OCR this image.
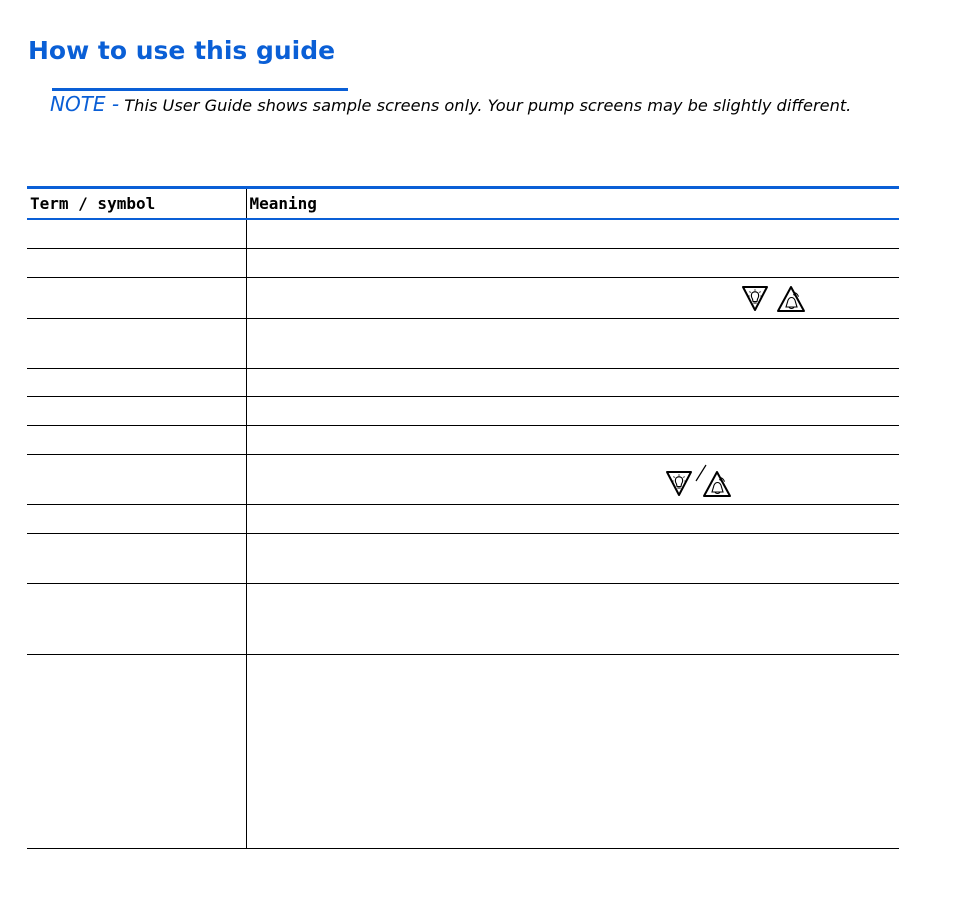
How to use this guide
NOTE - This User Guide shows sample screens only. Your pump screens may be slightly different.
Term / symbol	Meaning
